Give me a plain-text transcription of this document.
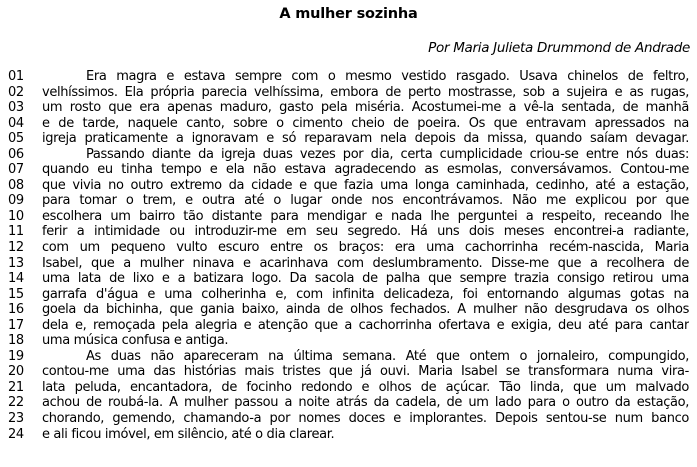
A mulher sozinha
Por Maria Julieta Drummond de Andrade
01	Era magra e estava sempre com o mesmo vestido rasgado. Usava chinelos de feltro,
02	velhíssimos. Ela própria parecia velhíssima, embora de perto mostrasse, sob a sujeira e as rugas,
03	um rosto que era apenas maduro, gasto pela miséria. Acostumei-me a vê-la sentada, de manhã
04	e de tarde, naquele canto, sobre o cimento cheio de poeira. Os que entravam apressados na
05	igreja praticamente a ignoravam e só reparavam nela depois da missa, quando saíam devagar.
06	Passando diante da igreja duas vezes por dia, certa cumplicidade criou-se entre nós duas:
07	quando eu tinha tempo e ela não estava agradecendo as esmolas, conversávamos. Contou-me
08	que vivia no outro extremo da cidade e que fazia uma longa caminhada, cedinho, até a estação,
09	para tomar o trem, e outra até o lugar onde nos encontrávamos. Não me explicou por que
10	escolhera um bairro tão distante para mendigar e nada lhe perguntei a respeito, receando lhe
11	ferir a intimidade ou introduzir-me em seu segredo. Há uns dois meses encontrei-a radiante,
12	com um pequeno vulto escuro entre os braços: era uma cachorrinha recém-nascida, Maria
13	Isabel, que a mulher ninava e acarinhava com deslumbramento. Disse-me que a recolhera de
14	uma lata de lixo e a batizara logo. Da sacola de palha que sempre trazia consigo retirou uma
15	garrafa d'água e uma colherinha e, com infinita delicadeza, foi entornando algumas gotas na
16	goela da bichinha, que gania baixo, ainda de olhos fechados. A mulher não desgrudava os olhos
17	dela e, remoçada pela alegria e atenção que a cachorrinha ofertava e exigia, deu até para cantar
18	uma música confusa e antiga.
19	As duas não apareceram na última semana. Até que ontem o jornaleiro, compungido,
20	contou-me uma das histórias mais tristes que já ouvi. Maria Isabel se transformara numa vira-
21	lata peluda, encantadora, de focinho redondo e olhos de açúcar. Tão linda, que um malvado
22	achou de roubá-la. A mulher passou a noite atrás da cadela, de um lado para o outro da estação,
23	chorando, gemendo, chamando-a por nomes doces e implorantes. Depois sentou-se num banco
24	e ali ficou imóvel, em silêncio, até o dia clarear.
